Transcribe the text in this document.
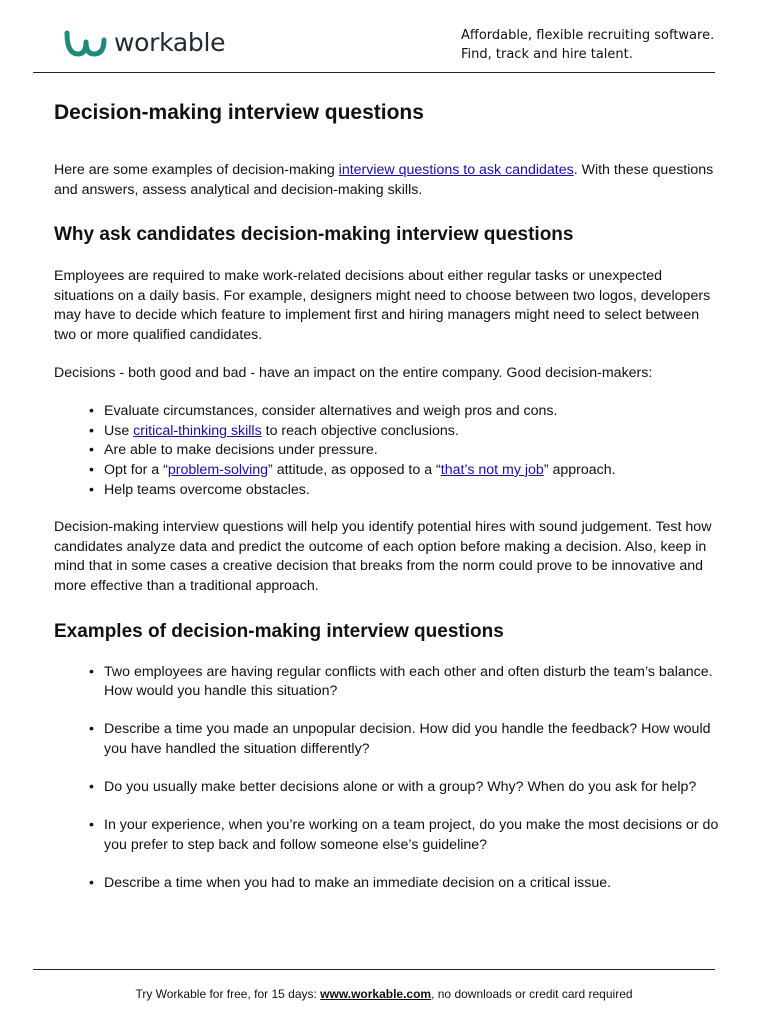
workable	Affordable, flexible recruiting software.
Find, track and hire talent.
Decision-making interview questions

Here are some examples of decision-making interview questions to ask candidates. With these questions and answers, assess analytical and decision-making skills.

Why ask candidates decision-making interview questions

Employees are required to make work-related decisions about either regular tasks or unexpected situations on a daily basis. For example, designers might need to choose between two logos, developers may have to decide which feature to implement first and hiring managers might need to select between two or more qualified candidates.

Decisions - both good and bad - have an impact on the entire company. Good decision-makers:

• Evaluate circumstances, consider alternatives and weigh pros and cons.
• Use critical-thinking skills to reach objective conclusions.
• Are able to make decisions under pressure.
• Opt for a “problem-solving” attitude, as opposed to a “that’s not my job” approach.
• Help teams overcome obstacles.

Decision-making interview questions will help you identify potential hires with sound judgement. Test how candidates analyze data and predict the outcome of each option before making a decision. Also, keep in mind that in some cases a creative decision that breaks from the norm could prove to be innovative and more effective than a traditional approach.

Examples of decision-making interview questions
• Two employees are having regular conflicts with each other and often disturb the team’s balance. How would you handle this situation?
• Describe a time you made an unpopular decision. How did you handle the feedback? How would you have handled the situation differently?
• Do you usually make better decisions alone or with a group? Why? When do you ask for help?
• In your experience, when you’re working on a team project, do you make the most decisions or do you prefer to step back and follow someone else’s guideline?
• Describe a time when you had to make an immediate decision on a critical issue.
Try Workable for free, for 15 days: www.workable.com, no downloads or credit card required
